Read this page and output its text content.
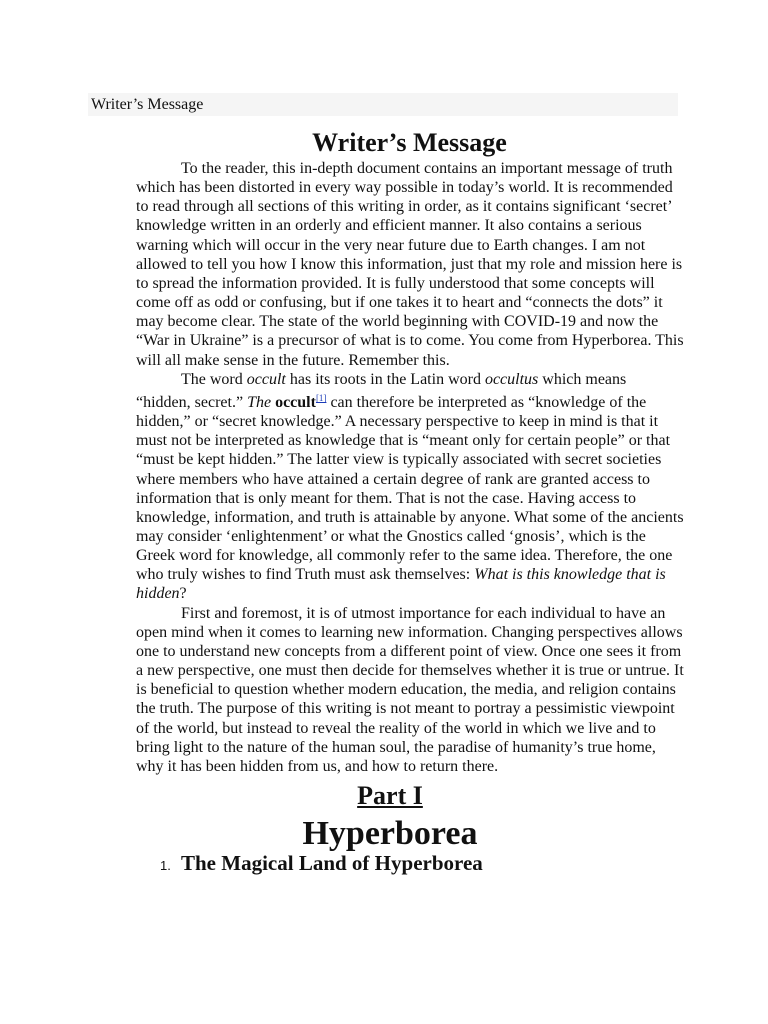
Writer’s Message
Writer’s Message

To the reader, this in-depth document contains an important message of truth which has been distorted in every way possible in today’s world. It is recommended to read through all sections of this writing in order, as it contains significant ‘secret’ knowledge written in an orderly and efficient manner. It also contains a serious warning which will occur in the very near future due to Earth changes. I am not allowed to tell you how I know this information, just that my role and mission here is to spread the information provided. It is fully understood that some concepts will come off as odd or confusing, but if one takes it to heart and “connects the dots” it may become clear. The state of the world beginning with COVID-19 and now the “War in Ukraine” is a precursor of what is to come. You come from Hyperborea. This will all make sense in the future. Remember this.

The word occult has its roots in the Latin word occultus which means “hidden, secret.” The occult[1] can therefore be interpreted as “knowledge of the hidden,” or “secret knowledge.” A necessary perspective to keep in mind is that it must not be interpreted as knowledge that is “meant only for certain people” or that “must be kept hidden.” The latter view is typically associated with secret societies where members who have attained a certain degree of rank are granted access to information that is only meant for them. That is not the case. Having access to knowledge, information, and truth is attainable by anyone. What some of the ancients may consider ‘enlightenment’ or what the Gnostics called ‘gnosis’, which is the Greek word for knowledge, all commonly refer to the same idea. Therefore, the one who truly wishes to find Truth must ask themselves: What is this knowledge that is hidden?

First and foremost, it is of utmost importance for each individual to have an open mind when it comes to learning new information. Changing perspectives allows one to understand new concepts from a different point of view. Once one sees it from a new perspective, one must then decide for themselves whether it is true or untrue. It is beneficial to question whether modern education, the media, and religion contains the truth. The purpose of this writing is not meant to portray a pessimistic viewpoint of the world, but instead to reveal the reality of the world in which we live and to bring light to the nature of the human soul, the paradise of humanity’s true home, why it has been hidden from us, and how to return there.

Part I
Hyperborea
1. The Magical Land of Hyperborea
